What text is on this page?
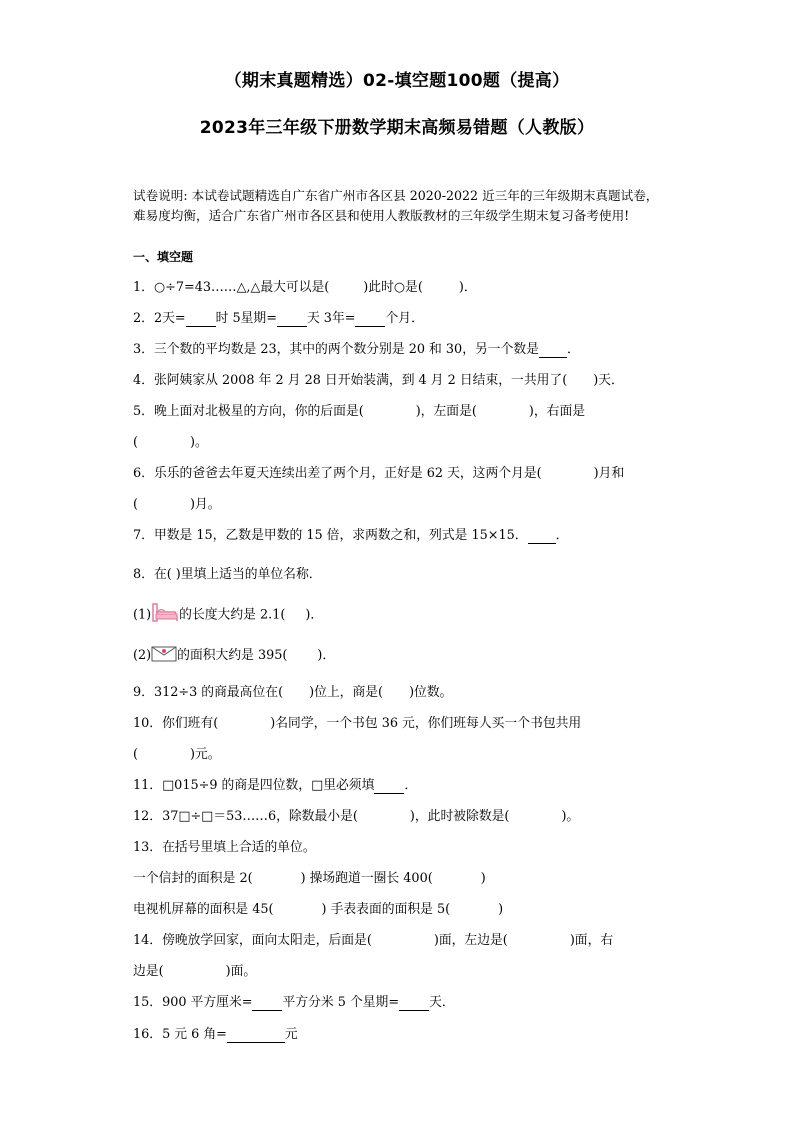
（期末真题精选）02-填空题100题（提高）
2023年三年级下册数学期末高频易错题（人教版）
试卷说明: 本试卷试题精选自广东省广州市各区县 2020-2022 近三年的三年级期末真题试卷，难易度均衡，适合广东省广州市各区县和使用人教版教材的三年级学生期末复习备考使用!
一、填空题
1．○÷7=43……△,△最大可以是(	)此时○是(	)．
2．2天= 时 5星期= 天 3年= 个月．
3．三个数的平均数是 23，其中的两个数分别是 20 和 30，另一个数是 ．
4．张阿姨家从 2008 年 2 月 28 日开始装满，到 4 月 2 日结束，一共用了( )天．
5．晚上面对北极星的方向，你的后面是(	)，左面是(	)，右面是
(	)。
6．乐乐的爸爸去年夏天连续出差了两个月，正好是 62 天，这两个月是(	)月和
(	)月。
7．甲数是 15，乙数是甲数的 15 倍，求两数之和，列式是 15×15． ．
8．在( )里填上适当的单位名称．
(1) 的长度大约是 2.1( )．
(2) 的面积大约是 395( )．
9．312÷3 的商最高位在( )位上，商是( )位数。
10．你们班有(	)名同学，一个书包 36 元，你们班每人买一个书包共用
(	)元。
11．□015÷9 的商是四位数，□里必须填 ．
12．37□÷□＝53……6，除数最小是(	)，此时被除数是(	)。
13．在括号里填上合适的单位。
一个信封的面积是 2(	) 操场跑道一圈长 400(	)
电视机屏幕的面积是 45(	) 手表表面的面积是 5(	)
14．傍晚放学回家，面向太阳走，后面是(	)面，左边是(	)面，右
边是(	)面。
15．900 平方厘米= 平方分米 5 个星期= 天．
16．5 元 6 角=	元
